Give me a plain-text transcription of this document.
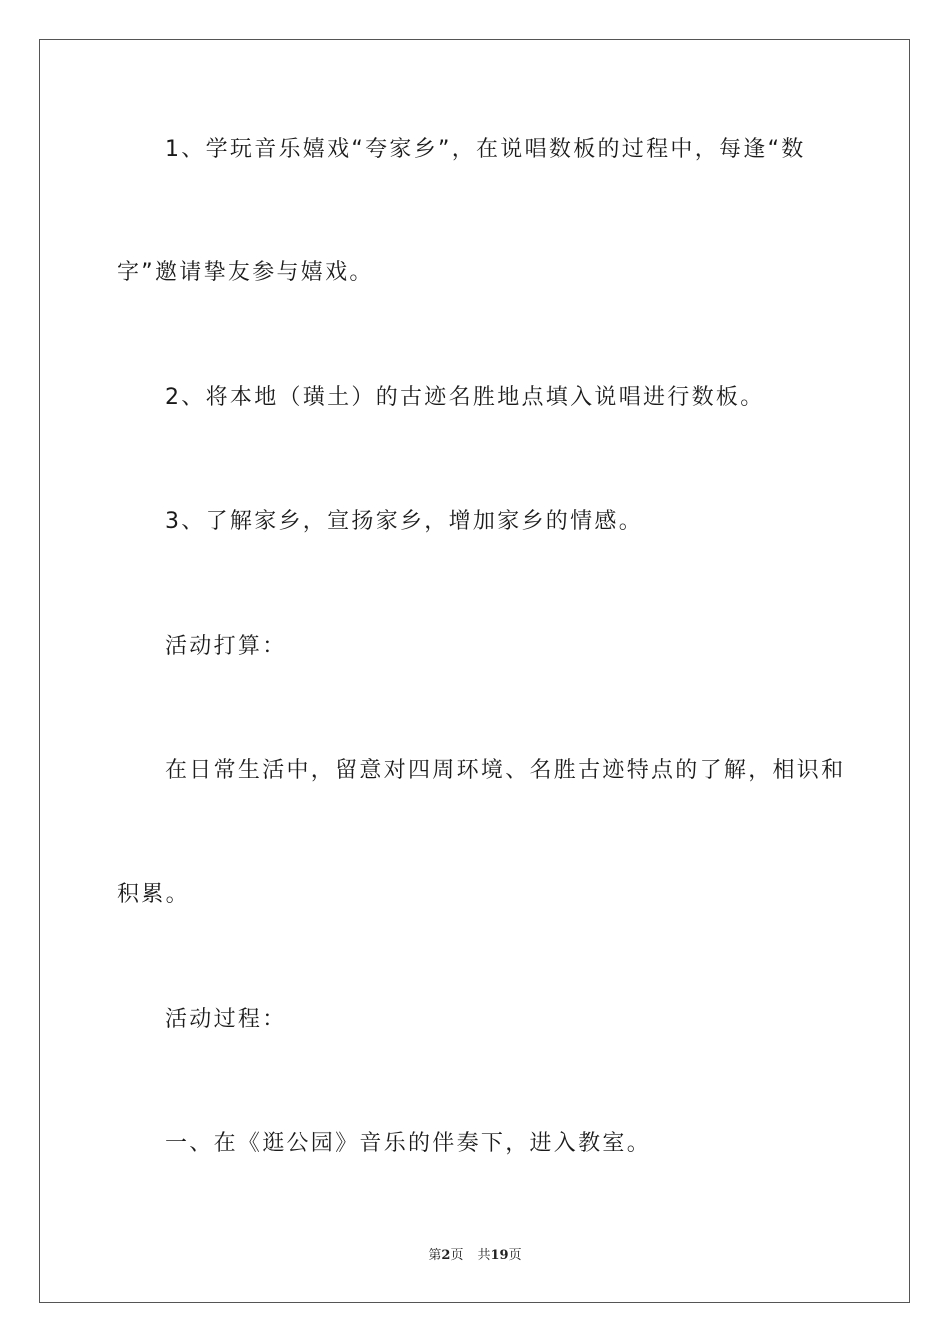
1、学玩音乐嬉戏“夸家乡”，在说唱数板的过程中，每逢“数
字”邀请挚友参与嬉戏。
2、将本地（璜土）的古迹名胜地点填入说唱进行数板。
3、了解家乡，宣扬家乡，增加家乡的情感。
活动打算：
在日常生活中，留意对四周环境、名胜古迹特点的了解，相识和
积累。
活动过程：
一、在《逛公园》音乐的伴奏下，进入教室。
第2页 共19页
